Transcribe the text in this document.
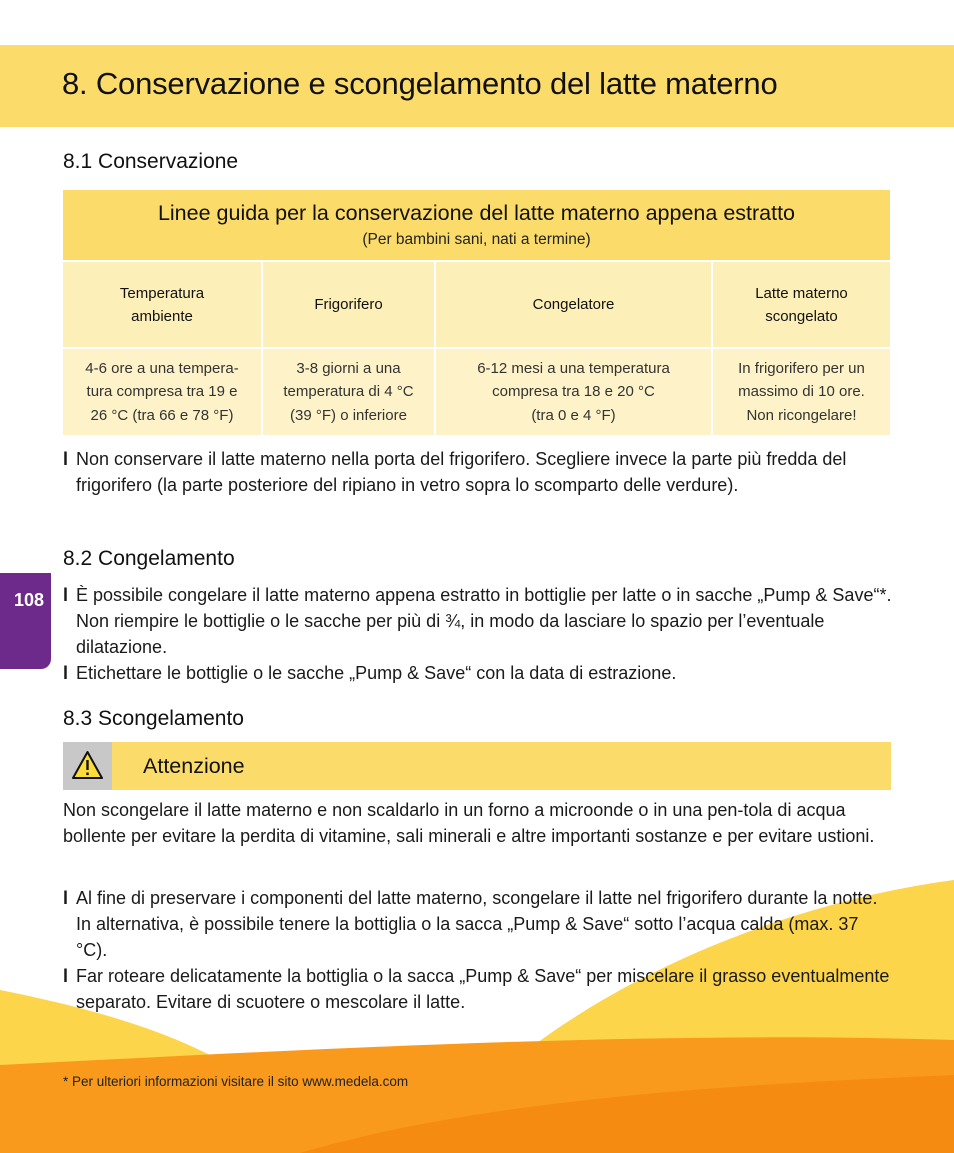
8. Conservazione e scongelamento del latte materno
8.1 Conservazione
Linee guida per la conservazione del latte materno appena estratto
(Per bambini sani, nati a termine)
Temperatura
ambiente
Frigorifero	Congelatore
Latte materno
scongelato
4-6 ore a una tempera-
tura compresa tra 19 e
26 °C (tra 66 e 78 °F)
3-8 giorni a una
temperatura di 4 °C
(39 °F) o inferiore
6-12 mesi a una temperatura
compresa tra 18 e 20 °C
(tra 0 e 4 °F)
In frigorifero per un
massimo di 10 ore.
Non ricongelare!

l Non conservare il latte materno nella porta del frigorifero. Scegliere invece la parte più fredda del frigorifero (la parte posteriore del ripiano in vetro sopra lo scomparto delle verdure).

8.2 Congelamento
108 l È possibile congelare il latte materno appena estratto in bottiglie per latte o in sacche „Pump & Save“*. Non riempire le bottiglie o le sacche per più di ¾, in modo da lasciare lo spazio per l’eventuale dilatazione.

l Etichettare le bottiglie o le sacche „Pump & Save“ con la data di estrazione.

8.3 Scongelamento
Attenzione

Non scongelare il latte materno e non scaldarlo in un forno a microonde o in una pen-tola di acqua bollente per evitare la perdita di vitamine, sali minerali e altre importanti sostanze e per evitare ustioni.

l Al fine di preservare i componenti del latte materno, scongelare il latte nel frigorifero durante la notte. In alternativa, è possibile tenere la bottiglia o la sacca „Pump & Save“ sotto l’acqua calda (max. 37 °C).

l Far roteare delicatamente la bottiglia o la sacca „Pump & Save“ per miscelare il grasso eventualmente separato. Evitare di scuotere o mescolare il latte.

* Per ulteriori informazioni visitare il sito www.medela.com
